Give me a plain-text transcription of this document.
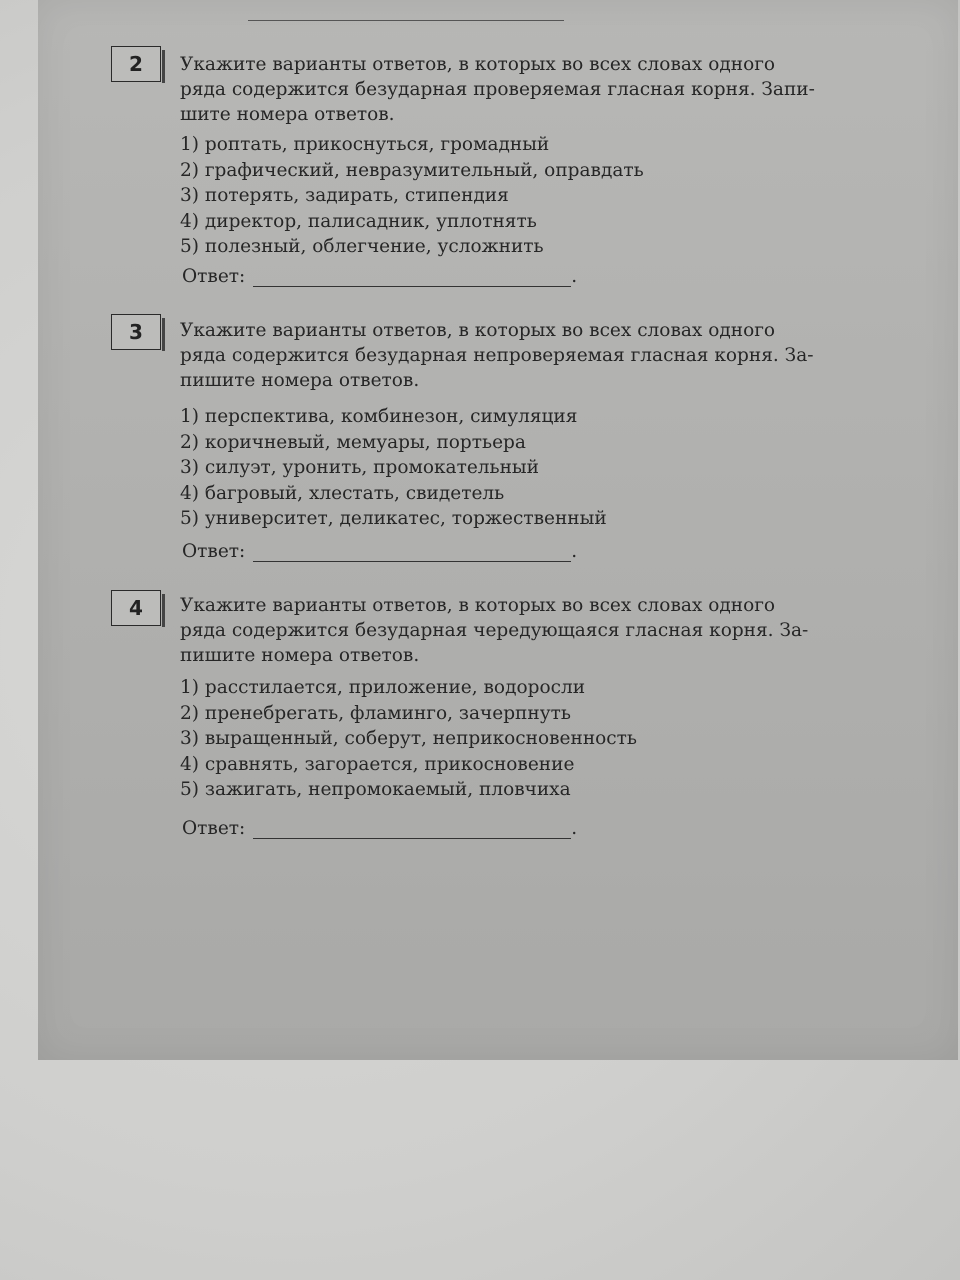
2 Укажите варианты ответов, в которых во всех словах одного
ряда содержится безударная проверяемая гласная корня. Запи-
шите номера ответов.

1) роптать, прикоснуться, громадный
2) графический, невразумительный, оправдать
3) потерять, задирать, стипендия
4) директор, палисадник, уплотнять
5) полезный, облегчение, усложнить
Ответ:	.
3 Укажите варианты ответов, в которых во всех словах одного
ряда содержится безударная непроверяемая гласная корня. За-
пишите номера ответов.

1) перспектива, комбинезон, симуляция
2) коричневый, мемуары, портьера
3) силуэт, уронить, промокательный
4) багровый, хлестать, свидетель
5) университет, деликатес, торжественный
Ответ:	.
4 Укажите варианты ответов, в которых во всех словах одного
ряда содержится безударная чередующаяся гласная корня. За-
пишите номера ответов.

1) расстилается, приложение, водоросли
2) пренебрегать, фламинго, зачерпнуть
3) выращенный, соберут, неприкосновенность
4) сравнять, загорается, прикосновение
5) зажигать, непромокаемый, пловчиха
Ответ:	.
